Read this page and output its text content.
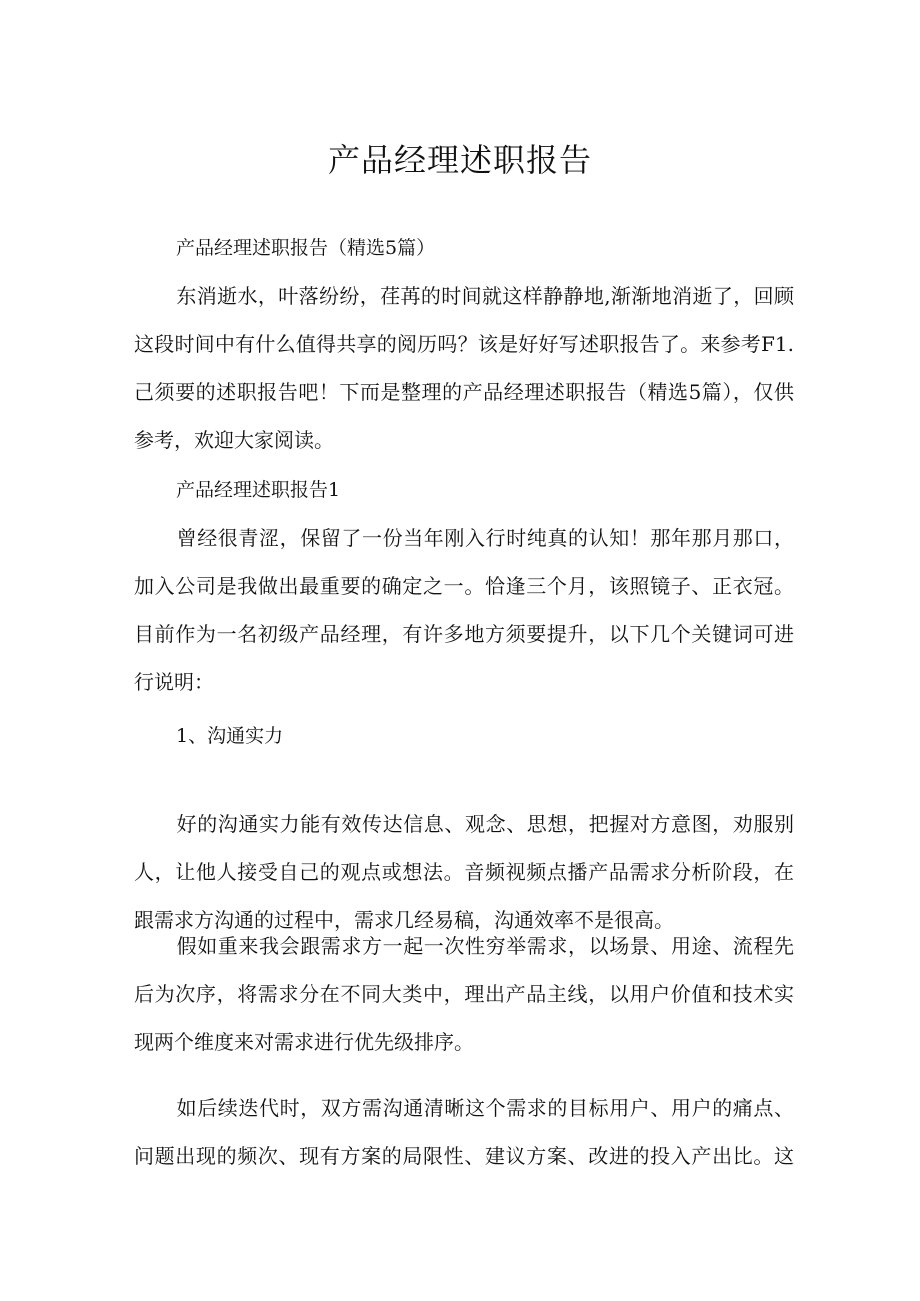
产品经理述职报告

产品经理述职报告（精选5篇）

东消逝水，叶落纷纷，荏苒的时间就这样静静地,渐渐地消逝了，回顾
这段时间中有什么值得共享的阅历吗？该是好好写述职报告了。来参考F1.
己须要的述职报告吧！下而是整理的产品经理述职报告（精选5篇），仅供
参考，欢迎大家阅读。

产品经理述职报告1

曾经很青涩，保留了一份当年刚入行时纯真的认知！那年那月那口，
加入公司是我做出最重要的确定之一。恰逢三个月，该照镜子、正衣冠。
目前作为一名初级产品经理，有许多地方须要提升，以下几个关键词可进
行说明：

1、沟通实力

好的沟通实力能有效传达信息、观念、思想，把握对方意图，劝服别
人，让他人接受自己的观点或想法。音频视频点播产品需求分析阶段，在
跟需求方沟通的过程中，需求几经易稿，沟通效率不是很高。
假如重来我会跟需求方一起一次性穷举需求，以场景、用途、流程先
后为次序，将需求分在不同大类中，理出产品主线，以用户价值和技术实
现两个维度来对需求进行优先级排序。
如后续迭代时，双方需沟通清晰这个需求的目标用户、用户的痛点、
问题出现的频次、现有方案的局限性、建议方案、改进的投入产出比。这
